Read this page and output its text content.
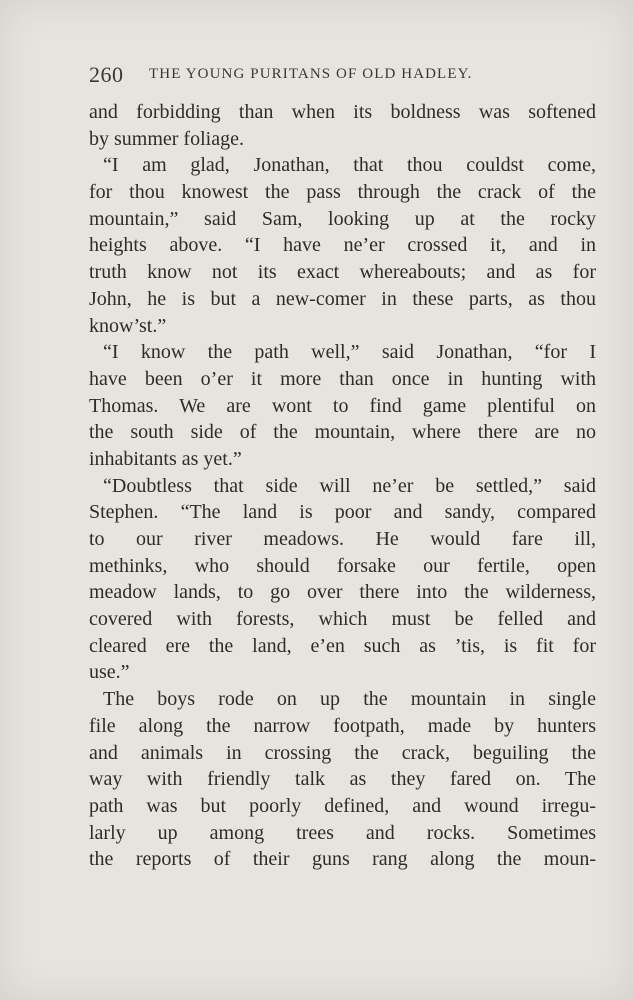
260 THE YOUNG PURITANS OF OLD HADLEY.
and forbidding than when its boldness was softened
by summer foliage.
“I am glad, Jonathan, that thou couldst come,
for thou knowest the pass through the crack of the
mountain,” said Sam, looking up at the rocky
heights above. “I have ne’er crossed it, and in
truth know not its exact whereabouts; and as for
John, he is but a new-comer in these parts, as thou
know’st.”
“I know the path well,” said Jonathan, “for I
have been o’er it more than once in hunting with
Thomas. We are wont to find game plentiful on
the south side of the mountain, where there are no
inhabitants as yet.”
“Doubtless that side will ne’er be settled,” said
Stephen. “The land is poor and sandy, compared
to our river meadows. He would fare ill,
methinks, who should forsake our fertile, open
meadow lands, to go over there into the wilderness,
covered with forests, which must be felled and
cleared ere the land, e’en such as ’tis, is fit for
use.”
The boys rode on up the mountain in single
file along the narrow footpath, made by hunters
and animals in crossing the crack, beguiling the
way with friendly talk as they fared on. The
path was but poorly defined, and wound irregu-
larly up among trees and rocks. Sometimes
the reports of their guns rang along the moun-
